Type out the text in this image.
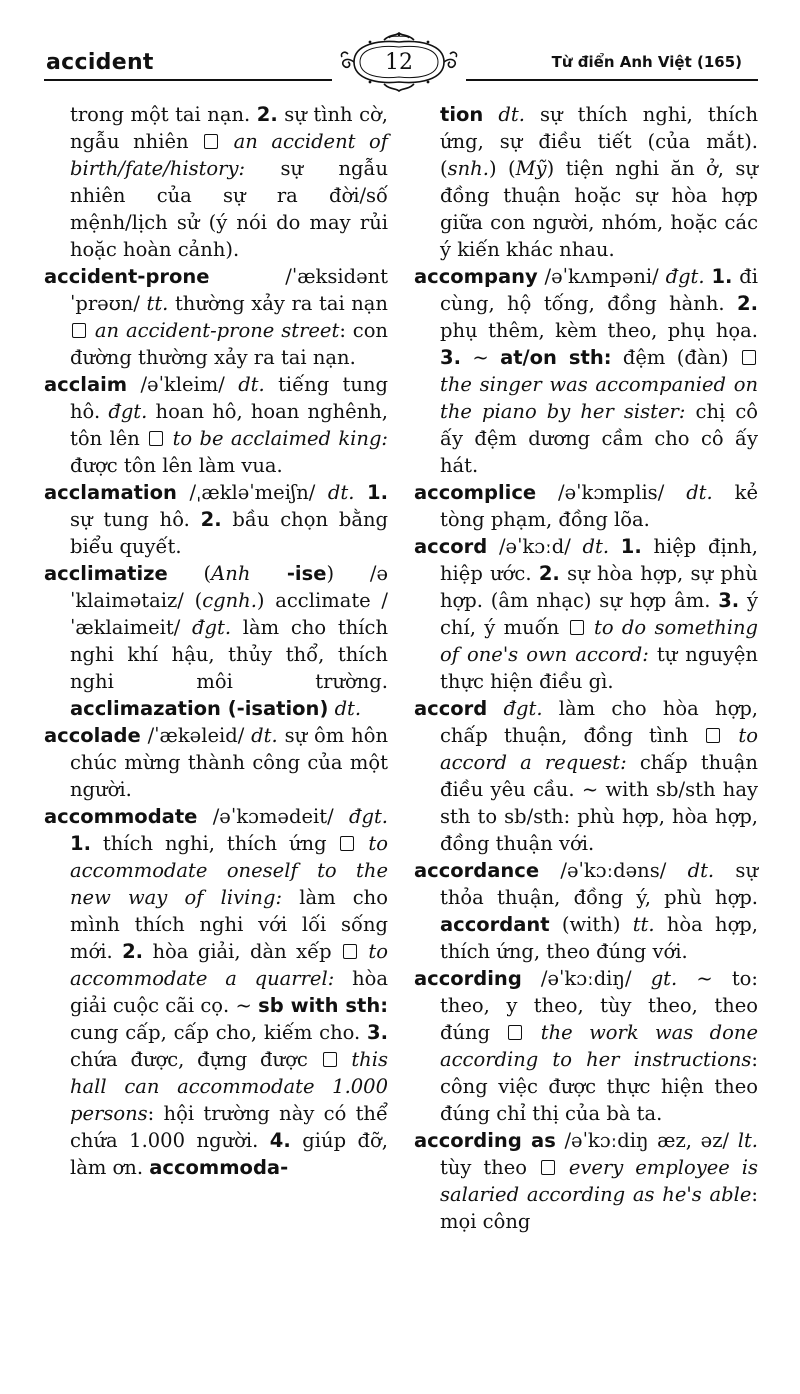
accident	12	Từ điển Anh Việt (165)
trong một tai nạn. 2. sự tình cờ, ngẫu nhiên  an accident of birth/fate/history: sự ngẫu nhiên của sự ra đời/số mệnh/lịch sử (ý nói do may rủi hoặc hoàn cảnh).
accident-prone /ˈæksidənt ˈprəʊn/ tt. thường xảy ra tai nạn  an accident-prone street: con đường thường xảy ra tai nạn.
acclaim /əˈkleim/ dt. tiếng tung hô. đgt. hoan hô, hoan nghênh, tôn lên  to be acclaimed king: được tôn lên làm vua.
acclamation /ˌækləˈmeiʃn/ dt. 1. sự tung hô. 2. bầu chọn bằng biểu quyết.
acclimatize (Anh -ise) /əˈklaimətaiz/ (cgnh.) acclimate /ˈæklaimeit/ đgt. làm cho thích nghi khí hậu, thủy thổ, thích nghi môi trường. acclimazation (-isation) dt.
accolade /ˈækəleid/ dt. sự ôm hôn chúc mừng thành công của một người.
accommodate /əˈkɔmədeit/ đgt. 1. thích nghi, thích ứng  to accommodate oneself to the new way of living: làm cho mình thích nghi với lối sống mới. 2. hòa giải, dàn xếp  to accommodate a quarrel: hòa giải cuộc cãi cọ. ~ sb with sth: cung cấp, cấp cho, kiếm cho. 3. chứa được, đựng được  this hall can accommodate 1.000 persons: hội trường này có thể chứa 1.000 người. 4. giúp đỡ, làm ơn. accommoda-
tion dt. sự thích nghi, thích ứng, sự điều tiết (của mắt). (snh.) (Mỹ) tiện nghi ăn ở, sự đồng thuận hoặc sự hòa hợp giữa con người, nhóm, hoặc các ý kiến khác nhau.
accompany /əˈkʌmpəni/ đgt. 1. đi cùng, hộ tống, đồng hành. 2. phụ thêm, kèm theo, phụ họa. 3. ~ at/on sth: đệm (đàn)  the singer was accompanied on the piano by her sister: chị cô ấy đệm dương cầm cho cô ấy hát.
accomplice /əˈkɔmplis/ dt. kẻ tòng phạm, đồng lõa.
accord /əˈkɔːd/ dt. 1. hiệp định, hiệp ước. 2. sự hòa hợp, sự phù hợp. (âm nhạc) sự hợp âm. 3. ý chí, ý muốn  to do something of one's own accord: tự nguyện thực hiện điều gì.
accord đgt. làm cho hòa hợp, chấp thuận, đồng tình  to accord a request: chấp thuận điều yêu cầu. ~ with sb/sth hay sth to sb/sth: phù hợp, hòa hợp, đồng thuận với.
accordance /əˈkɔːdəns/ dt. sự thỏa thuận, đồng ý, phù hợp. accordant (with) tt. hòa hợp, thích ứng, theo đúng với.
according /əˈkɔːdiŋ/ gt. ~ to: theo, y theo, tùy theo, theo đúng  the work was done according to her instructions: công việc được thực hiện theo đúng chỉ thị của bà ta.
according as /əˈkɔːdiŋ æz, əz/ lt. tùy theo  every employee is salaried according as he's able: mọi công
